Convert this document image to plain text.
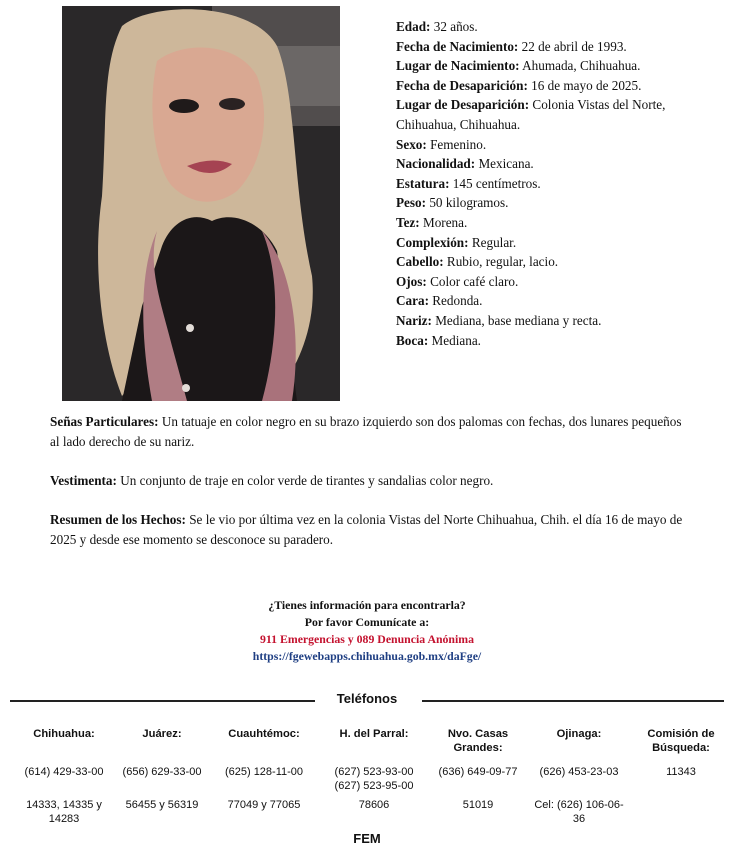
Edad: 32 años.
Fecha de Nacimiento: 22 de abril de 1993.
Lugar de Nacimiento: Ahumada, Chihuahua.
Fecha de Desaparición: 16 de mayo de 2025.
Lugar de Desaparición: Colonia Vistas del Norte, Chihuahua, Chihuahua.
Sexo: Femenino.
Nacionalidad: Mexicana.
Estatura: 145 centímetros.
Peso: 50 kilogramos.
Tez: Morena.
Complexión: Regular.
Cabello: Rubio, regular, lacio.
Ojos: Color café claro.
Cara: Redonda.
Nariz: Mediana, base mediana y recta.
Boca: Mediana.
Señas Particulares: Un tatuaje en color negro en su brazo izquierdo son dos palomas con fechas, dos lunares pequeños al lado derecho de su nariz.
Vestimenta: Un conjunto de traje en color verde de tirantes y sandalias color negro.
Resumen de los Hechos: Se le vio por última vez en la colonia Vistas del Norte Chihuahua, Chih. el día 16 de mayo de 2025 y desde ese momento se desconoce su paradero.
¿Tienes información para encontrarla?
Por favor Comunícate a:
911 Emergencias y 089 Denuncia Anónima
https://fgewebapps.chihuahua.gob.mx/daFge/
Teléfonos
Chihuahua:
(614) 429-33-00
14333, 14335 y 14283
Juárez:
(656) 629-33-00
56455 y 56319
Cuauhtémoc:
(625) 128-11-00
77049 y 77065
H. del Parral:
(627) 523-93-00 (627) 523-95-00
78606
Nvo. Casas Grandes:
(636) 649-09-77
51019
Ojinaga:
(626) 453-23-03
Cel: (626) 106-06-36
Comisión de Búsqueda:
11343
FEM
